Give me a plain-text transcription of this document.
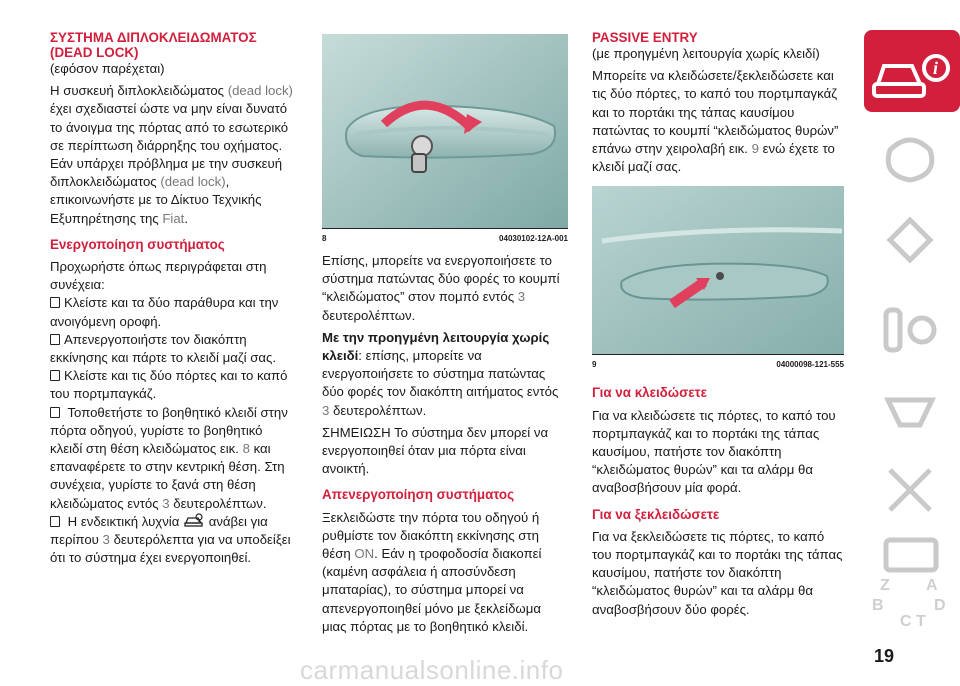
ΣΥΣΤΗΜΑ ΔΙΠΛΟΚΛΕΙΔΩΜΑΤΟΣ
(DEAD LOCK)

(εφόσον παρέχεται)

Η συσκευή διπλοκλειδώματος (dead lock) έχει σχεδιαστεί ώστε να μην είναι δυνατό το άνοιγμα της πόρτας από το εσωτερικό σε περίπτωση διάρρηξης του οχήματος. Εάν υπάρχει πρόβλημα με την συσκευή διπλοκλειδώματος (dead lock), επικοινωνήστε με το Δίκτυο Τεχνικής Εξυπηρέτησης της Fiat.

Ενεργοποίηση συστήματος

Προχωρήστε όπως περιγράφεται στη συνέχεια:

Κλείστε και τα δύο παράθυρα και την ανοιγόμενη οροφή.

Απενεργοποιήστε τον διακόπτη εκκίνησης και πάρτε το κλειδί μαζί σας.

Κλείστε και τις δύο πόρτες και το καπό του πορτμπαγκάζ.

Τοποθετήστε το βοηθητικό κλειδί στην πόρτα οδηγού, γυρίστε το βοηθητικό κλειδί στη θέση κλειδώματος εικ. 8 και επαναφέρετε το στην κεντρική θέση. Στη συνέχεια, γυρίστε το ξανά στη θέση κλειδώματος εντός 3 δευτερολέπτων.

Η ενδεικτική λυχνία ανάβει για περίπου 3 δευτερόλεπτα για να υποδείξει ότι το σύστημα έχει ενεργοποιηθεί.

8	04030102-12A-001

Επίσης, μπορείτε να ενεργοποιήσετε το σύστημα πατώντας δύο φορές το κουμπί “κλειδώματος” στον πομπό εντός 3 δευτερολέπτων.

Με την προηγμένη λειτουργία χωρίς κλειδί: επίσης, μπορείτε να ενεργοποιήσετε το σύστημα πατώντας δύο φορές τον διακόπτη αιτήματος εντός 3 δευτερολέπτων.

ΣΗΜΕΙΩΣΗ Το σύστημα δεν μπορεί να ενεργοποιηθεί όταν μια πόρτα είναι ανοικτή.

Απενεργοποίηση συστήματος

Ξεκλειδώστε την πόρτα του οδηγού ή ρυθμίστε τον διακόπτη εκκίνησης στη θέση ON. Εάν η τροφοδοσία διακοπεί (καμένη ασφάλεια ή αποσύνδεση μπαταρίας), το σύστημα μπορεί να απενεργοποιηθεί μόνο με ξεκλείδωμα μιας πόρτας με το βοηθητικό κλειδί.

PASSIVE ENTRY

(με προηγμένη λειτουργία χωρίς κλειδί)

Μπορείτε να κλειδώσετε/ξεκλειδώσετε και τις δύο πόρτες, το καπό του πορτμπαγκάζ και το πορτάκι της τάπας καυσίμου πατώντας το κουμπί “κλειδώματος θυρών” επάνω στην χειρολαβή εικ. 9 ενώ έχετε το κλειδί μαζί σας.

9	04000098-121-555
Για να κλειδώσετε

Για να κλειδώσετε τις πόρτες, το καπό του πορτμπαγκάζ και το πορτάκι της τάπας καυσίμου, πατήστε τον διακόπτη “κλειδώματος θυρών” και τα αλάρμ θα αναβοσβήσουν μία φορά.

Για να ξεκλειδώσετε

Για να ξεκλειδώσετε τις πόρτες, το καπό του πορτμπαγκάζ και το πορτάκι της τάπας καυσίμου, πατήστε τον διακόπτη “κλειδώματος θυρών” και τα αλάρμ θα αναβοσβήσουν δύο φορές.

i
Z A
B	D
C T
carmanualsonline.info	19
